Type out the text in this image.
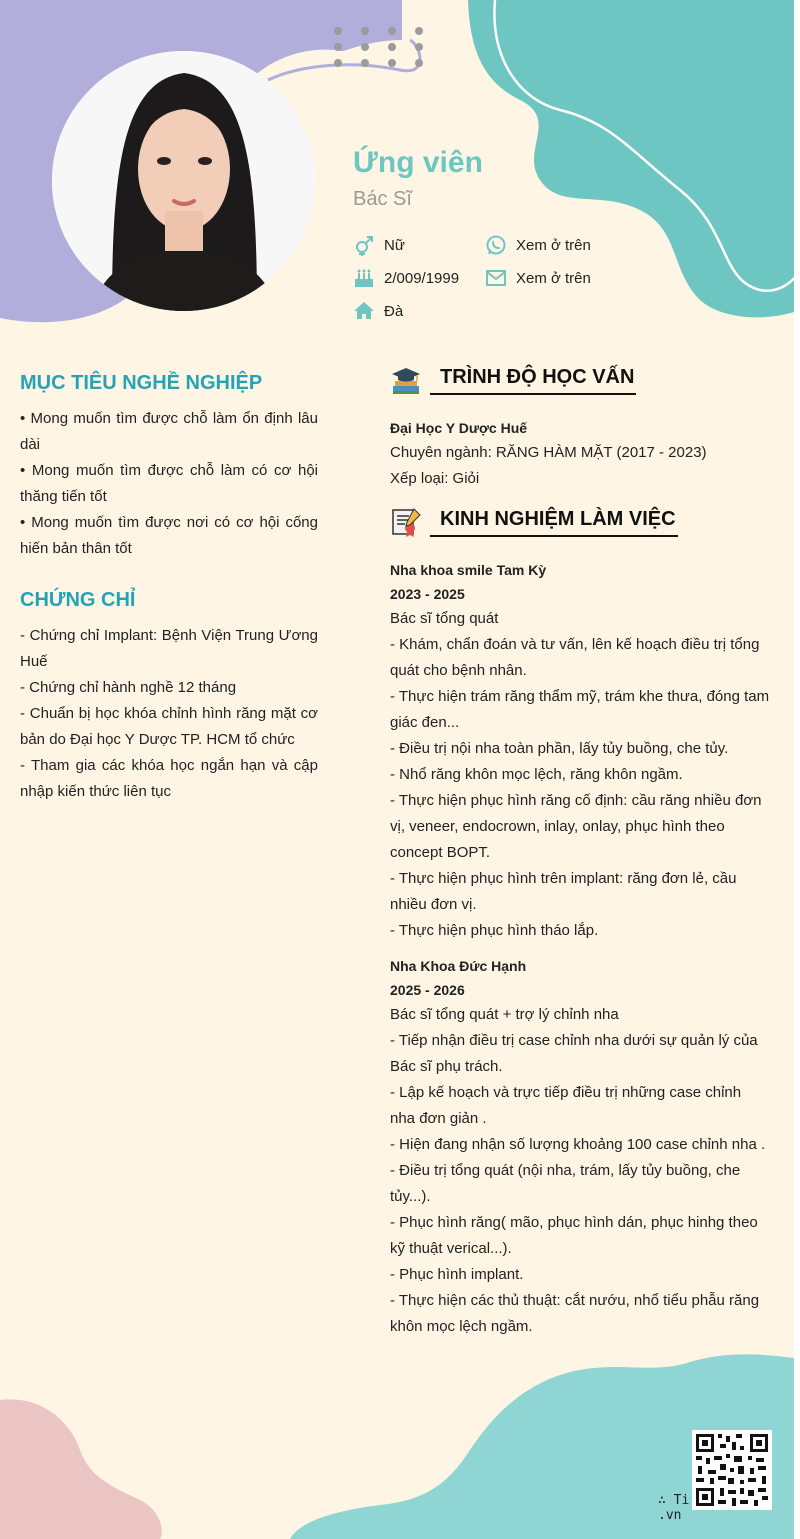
Ứng viên
Bác Sĩ
Nữ
2/009/1999
Đà
Xem ở trên
Xem ở trên
MỤC TIÊU NGHỀ NGHIỆP

• Mong muốn tìm được chỗ làm ổn định lâu dài

• Mong muốn tìm được chỗ làm có cơ hội thăng tiến tốt

• Mong muốn tìm được nơi có cơ hội cống hiến bản thân tốt

CHỨNG CHỈ

- Chứng chỉ Implant: Bệnh Viện Trung Ương Huế

- Chứng chỉ hành nghề 12 tháng

- Chuẩn bị học khóa chỉnh hình răng mặt cơ bản do Đại học Y Dược TP. HCM tổ chức

- Tham gia các khóa học ngắn hạn và cập nhập kiến thức liên tục

TRÌNH ĐỘ HỌC VẤN

Đại Học Y Dược Huế

Chuyên ngành: RĂNG HÀM MẶT (2017 - 2023)

Xếp loại: Giỏi

KINH NGHIỆM LÀM VIỆC

Nha khoa smile Tam Kỳ

2023 - 2025

Bác sĩ tổng quát

- Khám, chẩn đoán và tư vấn, lên kế hoạch điều trị tổng quát cho bệnh nhân.

- Thực hiện trám răng thẩm mỹ, trám khe thưa, đóng tam giác đen...

- Điều trị nội nha toàn phần, lấy tủy buồng, che tủy.

- Nhổ răng khôn mọc lệch, răng khôn ngầm.

- Thực hiện phục hình răng cố định: cầu răng nhiều đơn vị, veneer, endocrown, inlay, onlay, phục hình theo concept BOPT.

- Thực hiện phục hình trên implant: răng đơn lẻ, cầu nhiều đơn vị.

- Thực hiện phục hình tháo lắp.

Nha Khoa Đức Hạnh

2025 - 2026

Bác sĩ tổng quát + trợ lý chỉnh nha

- Tiếp nhận điều trị case chỉnh nha dưới sự quản lý của Bác sĩ phụ trách.

- Lập kế hoạch và trực tiếp điều trị những case chỉnh nha đơn giản .

- Hiện đang nhận số lượng khoảng 100 case chỉnh nha .

- Điều trị tổng quát (nội nha, trám, lấy tủy buồng, che tủy...).

- Phục hình răng( mão, phục hình dán, phục hinhg theo kỹ thuật verical...).

- Phục hình implant.

- Thực hiện các thủ thuật: cắt nướu, nhổ tiểu phẫu răng khôn mọc lệch ngầm.

∴ Ti.vn
